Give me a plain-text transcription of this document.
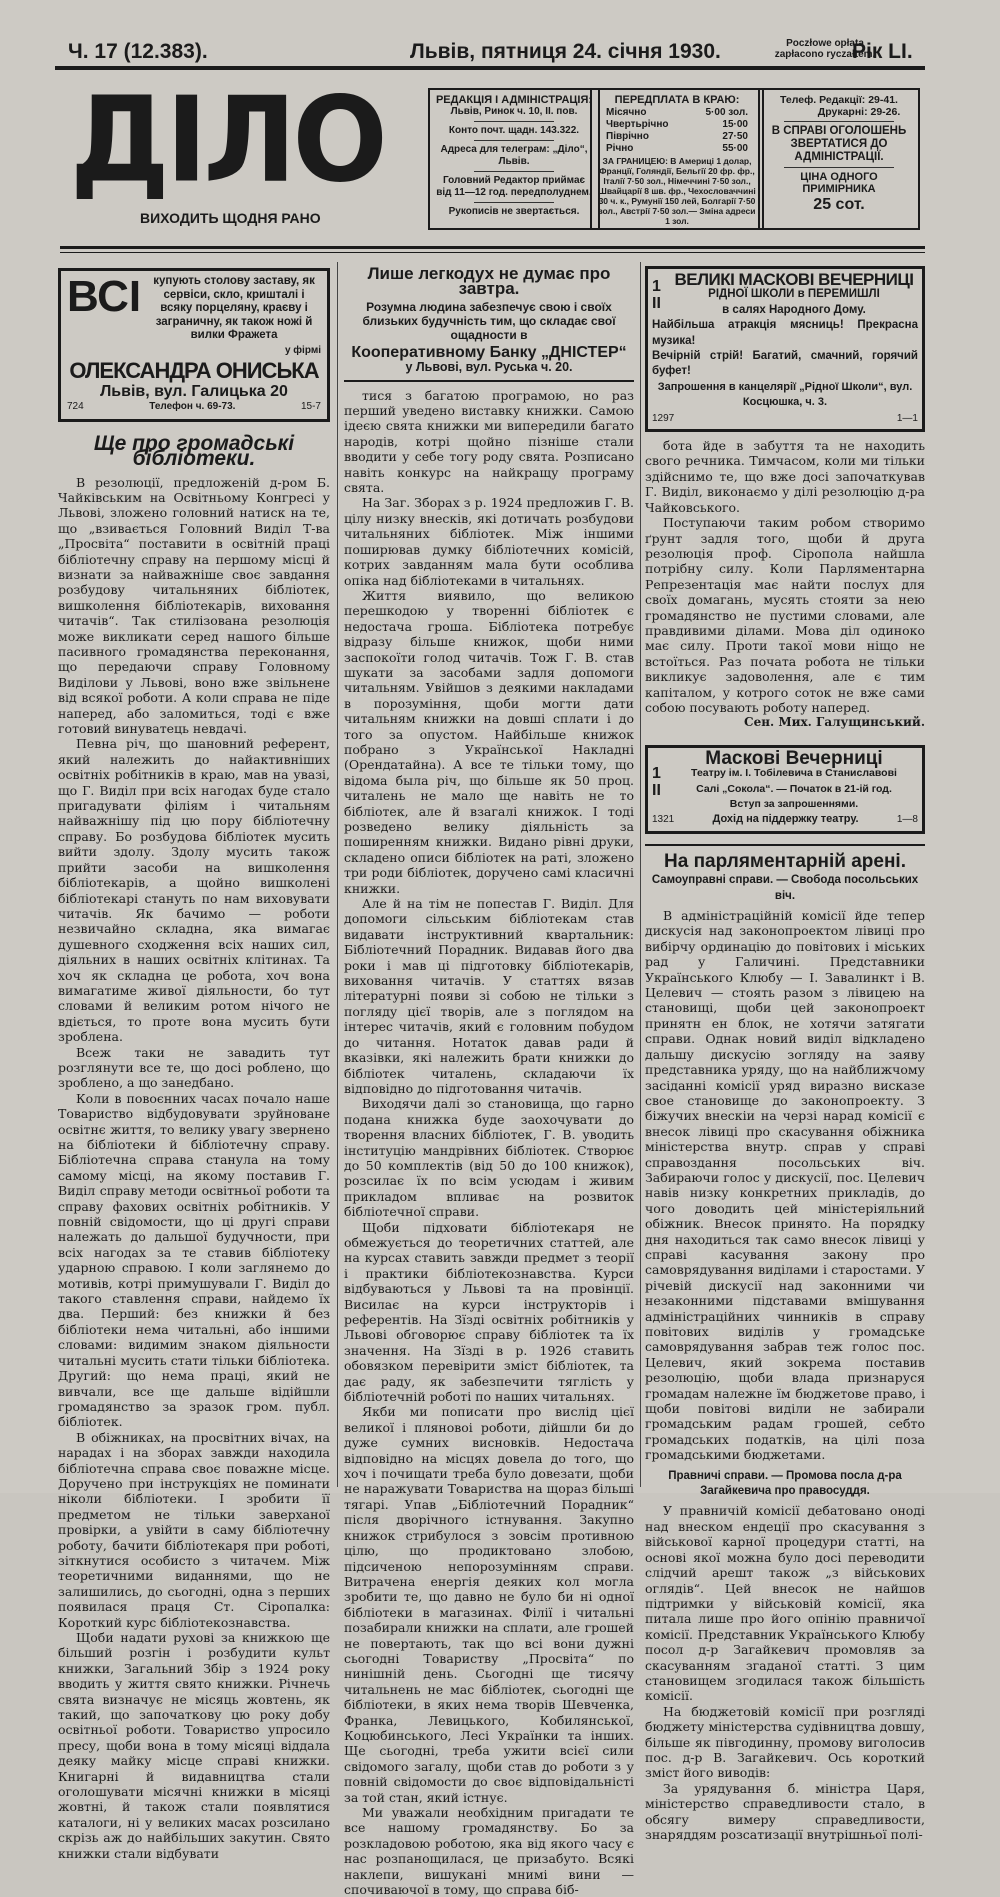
Ч. 17 (12.383).	Львів, пятниця 24. січня 1930.	Poczłowe opłata zapłacono ryczałtem.
Рік LI.
ДІЛО
ВИХОДИТЬ ЩОДНЯ РАНО
РЕДАКЦІЯ І АДМІНІСТРАЦІЯ:
Львів, Ринок ч. 10, II. пов.
Конто почт. щадн. 143.322.
Адреса для телеграм: „Діло“, Львів.
Головний Редактор приймає від 11—12 год. передполуднем.
Рукописів не звертається.
ПЕРЕДПЛАТА В КРАЮ:
Місячно	5·00 зол.
Чвертьрічно	15·00
Піврічно	27·50
Річно	55·00
ЗА ГРАНИЦЕЮ: В Америці 1 долар, Франції, Голяндії, Бельгії 20 фр. фр., Італії 7·50 зол., Німеччині 7·50 зол., Швайцарії 8 шв. фр., Чехословаччині 30 ч. к., Румунії 150 лей, Болгарії 7·50 зол., Австрії 7·50 зол.— Зміна адреси 1 зол.
Телеф. Редакції: 29-41.
Друкарні: 29-26.
В СПРАВІ ОГОЛОШЕНЬ ЗВЕРТАТИСЯ ДО АДМІНІСТРАЦІЇ.
ЦІНА ОДНОГО ПРИМІРНИКА
25 сот.
ВСІ	купують столову заставу, як сервіси, скло, кришталі і всяку порцеляну, краєву і заграничну, як також ножі й вилки Фражета
у фірмі
ОЛЕКСАНДРА ОНИСЬКА
Львів, вул. Галицька 20
724	Телефон ч. 69-73.	15-7
Ще про громадські бібліотеки.

В резолюції, предложеній д-ром Б. Чайківським на Освітньому Конгресі у Львові, зложено головний натиск на те, що „взивається Головний Виділ Т-ва „Просвіта“ поставити в освітній праці бібліотечну справу на першому місці й визнати за найважніше своє завдання розбудову читальняних бібліотек, вишколення бібліотекарів, виховання читачів“. Так стилізована резолюція може викликати серед нашого більше пасивного громадянства переконання, що передаючи справу Головному Виділови у Львові, воно вже звільнене від всякої роботи. А коли справа не піде наперед, або заломиться, тоді є вже готовий винуватець невдачі.

Певна річ, що шановний референт, який належить до найактивніших освітніх робітників в краю, мав на увазі, що Г. Виділ при всіх нагодах буде стало пригадувати філіям і читальням найважнішу під цю пору бібліотечну справу. Бо розбудова бібліотек мусить вийти здолу. Здолу мусить також прийти засоби на вишколення бібліотекарів, а щойно вишколені бібліотекарі стануть по нам виховувати читачів. Як бачимо — роботи незвичайно складна, яка вимагає душевного сходження всіх наших сил, діяльних в наших освітніх клітинах. Та хоч як складна це робота, хоч вона вимагатиме живої діяльности, бо тут словами й великим ротом нічого не вдіється, то проте вона мусить бути зроблена.

Всеж таки не завадить тут розглянути все те, що досі роблено, що зроблено, а що занедбано.

Коли в повоєнних часах почало наше Товариство відбудовувати зруйноване освітнє життя, то велику увагу звернено на бібліотеки й бібліотечну справу. Бібліотечна справа станула на тому самому місці, на якому поставив Г. Виділ справу методи освітньої роботи та справу фахових освітніх робітників. У повній свідомости, що ці другі справи належать до дальшої будучности, при всіх нагодах за те ставив бібліотеку ударною справою. І коли заглянемо до мотивів, котрі примушували Г. Виділ до такого ставлення справи, найдемо їх два. Перший: без книжки й без бібліотеки нема читальні, або іншими словами: видимим знаком діяльности читальні мусить стати тільки бібліотека. Другий: що нема праці, який не вивчали, все ще дальше відійшли громадянство за зразок гром. публ. бібліотек.

В обіжниках, на просвітних вічах, на нарадах і на зборах завжди находила бібліотечна справа своє поважне місце. Доручено при інструкціях не поминати ніколи бібліотеки. І зробити її предметом не тільки заверханої провірки, а увійти в саму бібліотечну роботу, бачити бібліотекаря при роботі, зіткнутися особисто з читачем. Між теоретичними виданнями, що не залишились, до сьогодні, одна з перших появилася праця Ст. Сіропалка: Короткий курс бібліотекознавства.

Щоби надати рухові за книжкою ще більший розгін і розбудити культ книжки, Загальний Збір з 1924 року вводить у життя свято книжки. Річнечь свята визначує не місяць жовтень, як такий, що започаткову цю року добу освітньої роботи. Товариство упросило пресу, щоби вона в тому місяці віддала деяку майку місце справі книжки. Книгарні й видавництва стали оголошувати місячні книжки в місяці жовтні, й також стали появлятися каталоги, ні у великих масах розсилано скрізь аж до найбільших закутин. Свято книжки стали відбувати

Лише легкодух не думає про завтра.
Розумна людина забезпечує свою і своїх близьких будучність тим, що складає свої ощадности в
Кооперативному Банку „ДНІСТЕР“
у Львові, вул. Руська ч. 20.

тися з багатою програмою, но раз перший уведено виставку книжки. Самою ідеєю свята книжки ми випередили багато народів, котрі щойно пізніше стали вводити у себе тогу роду свята. Розписано навіть конкурс на найкращу програму свята.

На Заг. Зборах з р. 1924 предложив Г. В. цілу низку внесків, які дотичать розбудови читальняних бібліотек. Між іншими поширював думку бібліотечних комісій, котрих завданням мала бути особлива опіка над бібліотеками в читальнях.

Життя виявило, що великою перешкодою у творенні бібліотек є недостача гроша. Бібліотека потребує відразу більше книжок, щоби ними заспокоїти голод читачів. Тож Г. В. став шукати за засобами задля допомоги читальням. Увійшов з деякими накладами в порозуміння, щоби могти дати читальням книжки на довші сплати і до того за опустом. Найбільше книжок побрано з Української Накладні (Орендатайна). А все те тільки тому, що відома была річ, що більше як 50 проц. читалень не мало ще навіть не то бібліотек, але й взагалі книжок. І тоді розведено велику діяльність за поширенням книжки. Видано рівні друки, складено описи бібліотек на раті, зложено три роди бібліотек, доручено самі класичні книжки.

Але й на тім не попестав Г. Виділ. Для допомоги сільським бібліотекам став видавати інструктивний квартальник: Бібліотечний Порадник. Видавав його два роки і мав ці підготовку бібліотекарів, виховання читачів. У статтях вязав літературні появи зі собою не тільки з погляду цієї творів, але з поглядом на інтерес читачів, який є головним побудом до читання. Нотаток давав ради й вказівки, які належить брати книжки до бібліотек читалень, складаючи їх відповідно до підготовання читачів.

Виходячи далі зо становища, що гарно подана книжка буде заохочувати до творення власних бібліотек, Г. В. уводить інституцію мандрівних бібліотек. Створює до 50 комплектів (від 50 до 100 книжок), розсилає їх по всім усюдам і живим прикладом впливає на розвиток бібліотечної справи.

Щоби підховати бібліотекаря не обмежується до теоретичних статтей, але на курсах ставить завжди предмет з теорії і практики бібліотекознавства. Курси відбуваються у Львові та на провінції. Висилає на курси інструкторів і референтів. На Зїзді освітніх робітників у Львові обговорює справу бібліотек та їх значення. На Зїзді в р. 1926 ставить обовязком перевірити зміст бібліотек, та дає раду, як забезпечити тяглість у бібліотечній роботі по наших читальнях.

Якби ми пописати про вислід цієї великої і пляновоі роботи, дійшли би до дуже сумних висновків. Недостача відповідно на місцях довела до того, що хоч і почищати треба було довезати, щоби не наражувати Товариства на щораз більші тягарі. Упав „Бібліотечний Порадник“ після дворічного істнування. Закупно книжок стрибулося з зовсім противною цілю, що продиктовано злобою, підсиченою непорозумінням справи. Витрачена енергія деяких кол могла зробити те, що давно не було би ні одної бібліотеки в магазинах. Філії і читальні позабирали книжки на сплати, але грошей не повертають, так що всі вони дужні сьогодні Товариству „Просвіта“ по нинішній день. Сьогодні ще тисячу читальнень не мас бібліотек, сьогодні ще бібліотеки, в яких нема творів Шевченка, Франка, Левицького, Кобилянської, Коцюбинського, Лесі Українки та інших. Ще сьогодні, треба ужити всієї сили свідомого загалу, щоби став до роботи з у повній свідомости до своє відповідальністі за той стан, який істнує.

Ми уважали необхідним пригадати те все нашому громадянству. Бо за розкладовою роботою, яка від якого часу є нас розпанощилася, це призабуто. Всякі наклепи, вишукані мнимі вини — спочиваючої в тому, що справа біб-

1 II
ВЕЛИКІ МАСКОВІ ВЕЧЕРНИЦІ
РІДНОЇ ШКОЛИ в ПЕРЕМИШЛІ
в салях Народного Дому.
Найбільша атракція мясниць! Прекрасна музика!
Вечірній стрій! Багатий, смачний, горячий буфет!
Запрошення в канцелярії „Рідної Школи“, вул. Косцюшка, ч. 3.
1297	1—1

бота йде в забуття та не находить свого речника. Тимчасом, коли ми тільки здійснимо те, що вже досі започаткував Г. Виділ, виконаємо у ділі резолюцію д-ра Чайковського.

Поступаючи таким робом створимо ґрунт задля того, щоби й друга резолюція проф. Сіропола найшла потрібну силу. Коли Парляментарна Репрезентація має найти послух для своїх домагань, мусять стояти за нею громадянство не пустими словами, але правдивими ділами. Мова діл одиноко має силу. Проти такої мови ніщо не встоїться. Раз почата робота не тільки викликує задоволення, але є тим капіталом, у котрого соток не вже сами собою посувають роботу наперед.

Сен. Мих. Галущинський.
1 II
Маскові Вечерниці
Театру ім. І. Тобілевича в Станиславові
Салі „Сокола“. — Початок в 21-ій год.
Вступ за запрошеннями.
1321	Дохід на піддержку театру.	1—8
На парляментарній арені.
Самоуправні справи. — Свобода посольських віч.

В адміністраційній комісії йде тепер дискусія над законопроектом лівиці про вибірчу ординацію до повітових і міських рад у Галичині. Представники Українського Клюбу — І. Завалинкт і В. Целевич — стоять разом з лівицею на становищі, щоби цей законопроект принятн ен блок, не хотячи затягати справи. Однак новий виділ відкладено дальшу дискусію зогляду на заяву представника уряду, що на найближчому засіданні комісії уряд виразно висказе свое становище до законопроекту. З біжучих внескіи на черзі нарад комісії є внесок лівиці про скасування обіжника міністерства внутр. справ у справі справоздання посольських віч. Забираючи голос у дискусії, пос. Целевич навів низку конкретних прикладів, до чого доводить цей міністеріяльний обіжник. Внесок принято. На порядку дня находиться так само внесок лівиці у справі касування закону про самоврядування виділами і старостами. У річевій дискусії над законними чи незаконними підставами вмішування адміністраційних чинників в справу повітових виділів у громадське самоврядування забрав теж голос пос. Целевич, який зокрема поставив резолюцію, щоби влада признаруся громадам належне їм бюджетове право, і щоби повітові виділи не забирали громадським радам грошей, себто громадських податків, на цілі поза громадськими бюджетами.

Правничі справи. — Промова посла д-ра Загайкевича про правосуддя.

У правничій комісії дебатовано оноді над внеском ендеції про скасування з військової карної процедури статті, на основі якої можна було досі переводити слідчий арешт також „з військових оглядів“. Цей внесок не найшов підтримки у військовій комісії, яка питала лише про його опінію правничої комісії. Представник Українського Клюбу посол д-р Загайкевич промовляв за скасуванням згаданої статті. З цим становищем згодилася також більшість комісії.

На бюджетовій комісії при розгляді бюджету міністерства судівництва довшу, більше як півгодинну, промову виголосив пос. д-р В. Загайкевич. Ось короткий зміст його виводів:

За урядування б. міністра Царя, міністерство справедливости стало, в обсягу вимеру справедливости, знаряддям розсатизації внутрішньої полі-
